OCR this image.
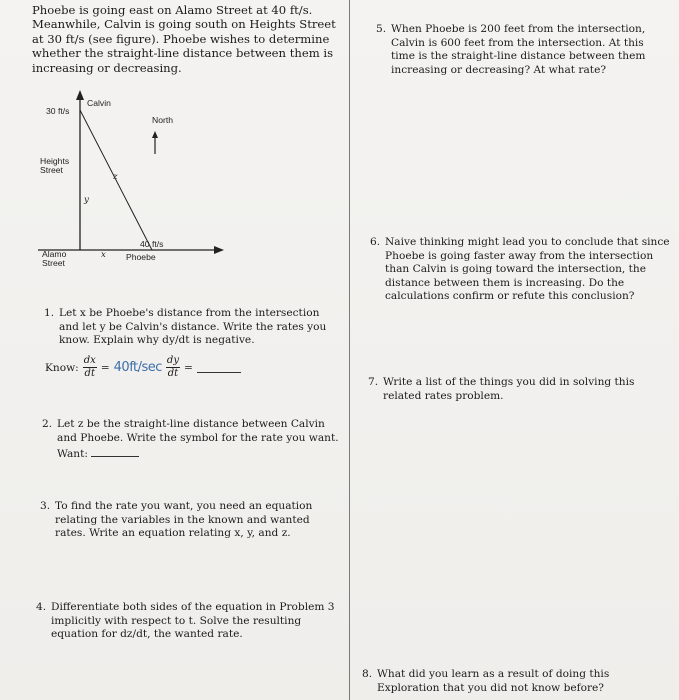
Phoebe is going east on Alamo Street at 40 ft/s. Meanwhile, Calvin is going south on Heights Street at 30 ft/s (see figure). Phoebe wishes to determine whether the straight-line distance between them is increasing or decreasing.

Calvin
30 ft/s
North
Heights
Street
z
y
40 ft/s
Phoebe
Alamo
Street
x
1. Let x be Phoebe's distance from the intersection and let y be Calvin's distance. Write the rates you know. Explain why dy/dt is negative.
Know: $\frac{dx}{dt} = 40ft/\sec \frac{dy}{dt}$ =
2. Let z be the straight-line distance between Calvin and Phoebe. Write the symbol for the rate you want.
Want:
3. To find the rate you want, you need an equation relating the variables in the known and wanted rates. Write an equation relating x, y, and z.
4. Differentiate both sides of the equation in Problem 3 implicitly with respect to t. Solve the resulting equation for dz/dt, the wanted rate.
5. When Phoebe is 200 feet from the intersection, Calvin is 600 feet from the intersection. At this time is the straight-line distance between them increasing or decreasing? At what rate?
6. Naive thinking might lead you to conclude that since Phoebe is going faster away from the intersection than Calvin is going toward the intersection, the distance between them is increasing. Do the calculations confirm or refute this conclusion?
7. Write a list of the things you did in solving this related rates problem.
8. What did you learn as a result of doing this Exploration that you did not know before?
